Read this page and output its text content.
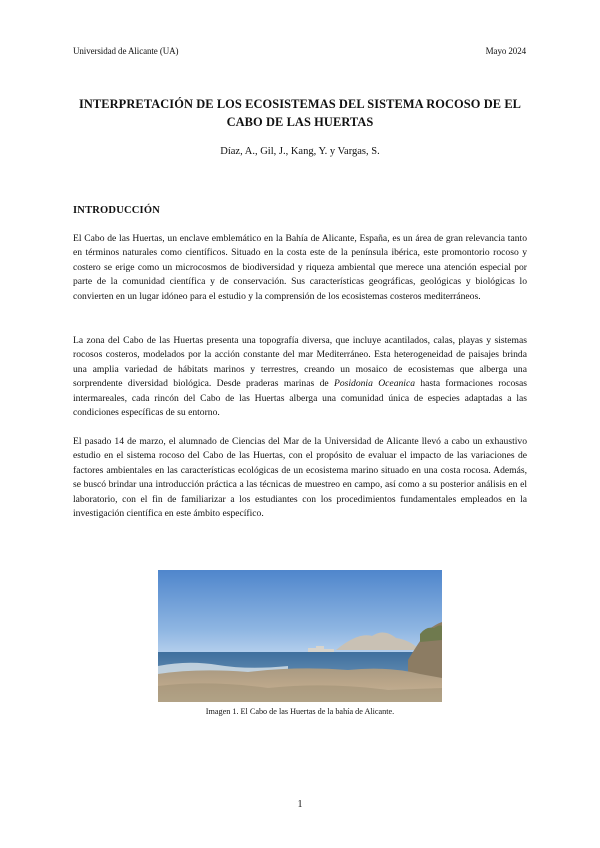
Universidad de Alicante (UA)	Mayo 2024
INTERPRETACIÓN DE LOS ECOSISTEMAS DEL SISTEMA ROCOSO DE EL CABO DE LAS HUERTAS
Díaz, A., Gil, J., Kang, Y. y Vargas, S.
INTRODUCCIÓN

El Cabo de las Huertas, un enclave emblemático en la Bahía de Alicante, España, es un área de gran relevancia tanto en términos naturales como científicos. Situado en la costa este de la península ibérica, este promontorio rocoso y costero se erige como un microcosmos de biodiversidad y riqueza ambiental que merece una atención especial por parte de la comunidad científica y de conservación. Sus características geográficas, geológicas y biológicas lo convierten en un lugar idóneo para el estudio y la comprensión de los ecosistemas costeros mediterráneos.

La zona del Cabo de las Huertas presenta una topografía diversa, que incluye acantilados, calas, playas y sistemas rocosos costeros, modelados por la acción constante del mar Mediterráneo. Esta heterogeneidad de paisajes brinda una amplia variedad de hábitats marinos y terrestres, creando un mosaico de ecosistemas que alberga una sorprendente diversidad biológica. Desde praderas marinas de Posidonia Oceanica hasta formaciones rocosas intermareales, cada rincón del Cabo de las Huertas alberga una comunidad única de especies adaptadas a las condiciones específicas de su entorno.

El pasado 14 de marzo, el alumnado de Ciencias del Mar de la Universidad de Alicante llevó a cabo un exhaustivo estudio en el sistema rocoso del Cabo de las Huertas, con el propósito de evaluar el impacto de las variaciones de factores ambientales en las características ecológicas de un ecosistema marino situado en una costa rocosa. Además, se buscó brindar una introducción práctica a las técnicas de muestreo en campo, así como a su posterior análisis en el laboratorio, con el fin de familiarizar a los estudiantes con los procedimientos fundamentales empleados en la investigación científica en este ámbito específico.

Imagen 1. El Cabo de las Huertas de la bahía de Alicante.
1
